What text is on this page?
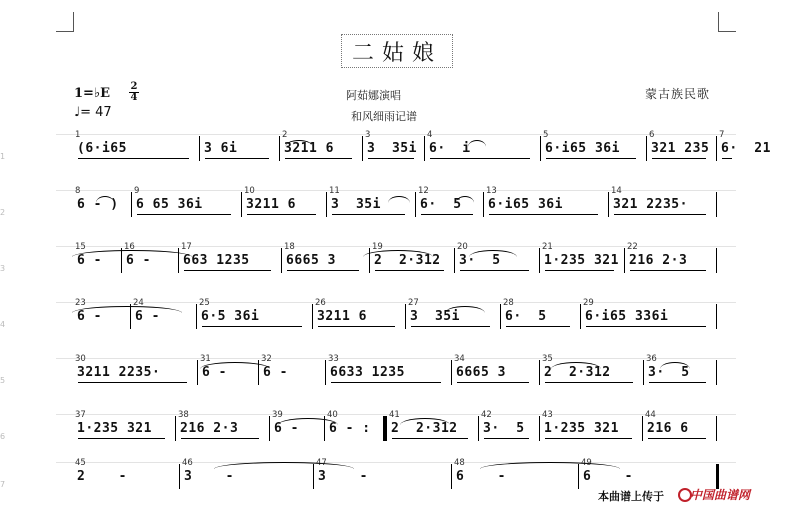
二姑娘
阿茹娜演唱
和风细雨记谱
蒙古族民歌
1=♭E 2
4
♩= 47
1
1
(6·i65	3 6i
2
3211 6
3
3  35i
4
6·  i
5
6·i65 36i
6
321 235
7
6·  21
2
8
6 - )
9
6 65 36i
10
3211 6
11
3  35i
12
6·  5
13
6·i65 36i
14
321 2235·
3
15
6 -
16
6 -
17
663 1235
18
6665 3
19
2  2·312
20
3·  5
21
1·235 321
22
216 2·3
4
23
6 -
24
6 -
25
6·5 36i
26
3211 6
27
3  35i
28
6·  5
29
6·i65 336i
5
30
3211 2235·
31
6 -
32
6 -
33
6633 1235
34
6665 3
35
2  2·312
36
3·  5
6
37
1·235 321
38
216 2·3
39
6 -
40
6 - :
41
2  2·312
42
3·  5
43
1·235 321
44
216 6
7
45
2    -
46
3    -
47
3    -
48
6    -
49
6    -
本曲谱上传于 中国曲谱网
